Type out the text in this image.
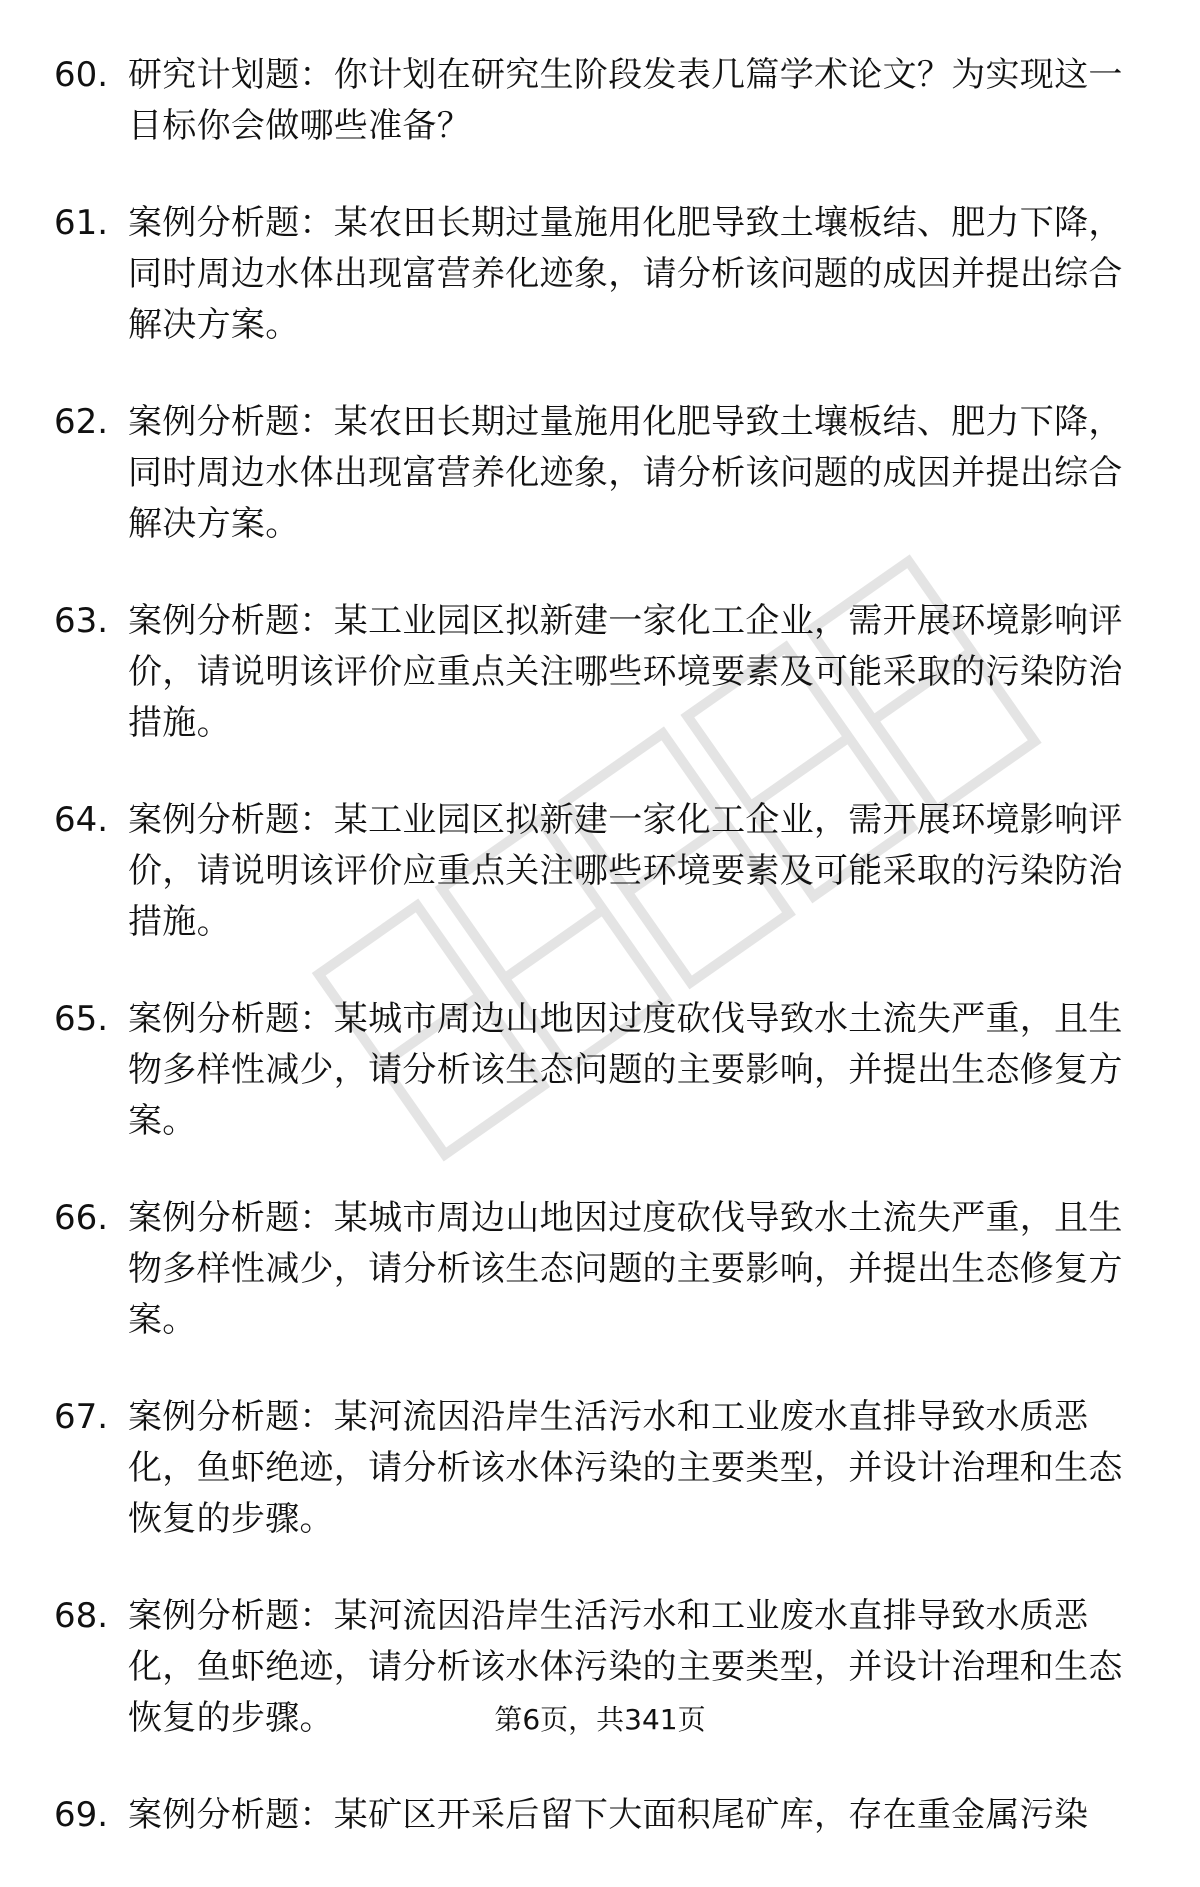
60. 研究计划题：你计划在研究生阶段发表几篇学术论文？为实现这一目标你会做哪些准备？
61. 案例分析题：某农田长期过量施用化肥导致土壤板结、肥力下降，同时周边水体出现富营养化迹象，请分析该问题的成因并提出综合解决方案。
62. 案例分析题：某农田长期过量施用化肥导致土壤板结、肥力下降，同时周边水体出现富营养化迹象，请分析该问题的成因并提出综合解决方案。
63. 案例分析题：某工业园区拟新建一家化工企业，需开展环境影响评价，请说明该评价应重点关注哪些环境要素及可能采取的污染防治措施。
64. 案例分析题：某工业园区拟新建一家化工企业，需开展环境影响评价，请说明该评价应重点关注哪些环境要素及可能采取的污染防治措施。
65. 案例分析题：某城市周边山地因过度砍伐导致水土流失严重，且生物多样性减少，请分析该生态问题的主要影响，并提出生态修复方案。
66. 案例分析题：某城市周边山地因过度砍伐导致水土流失严重，且生物多样性减少，请分析该生态问题的主要影响，并提出生态修复方案。
67. 案例分析题：某河流因沿岸生活污水和工业废水直排导致水质恶化，鱼虾绝迹，请分析该水体污染的主要类型，并设计治理和生态恢复的步骤。
68. 案例分析题：某河流因沿岸生活污水和工业废水直排导致水质恶化，鱼虾绝迹，请分析该水体污染的主要类型，并设计治理和生态恢复的步骤。
69. 案例分析题：某矿区开采后留下大面积尾矿库，存在重金属污染
第6页，共341页
